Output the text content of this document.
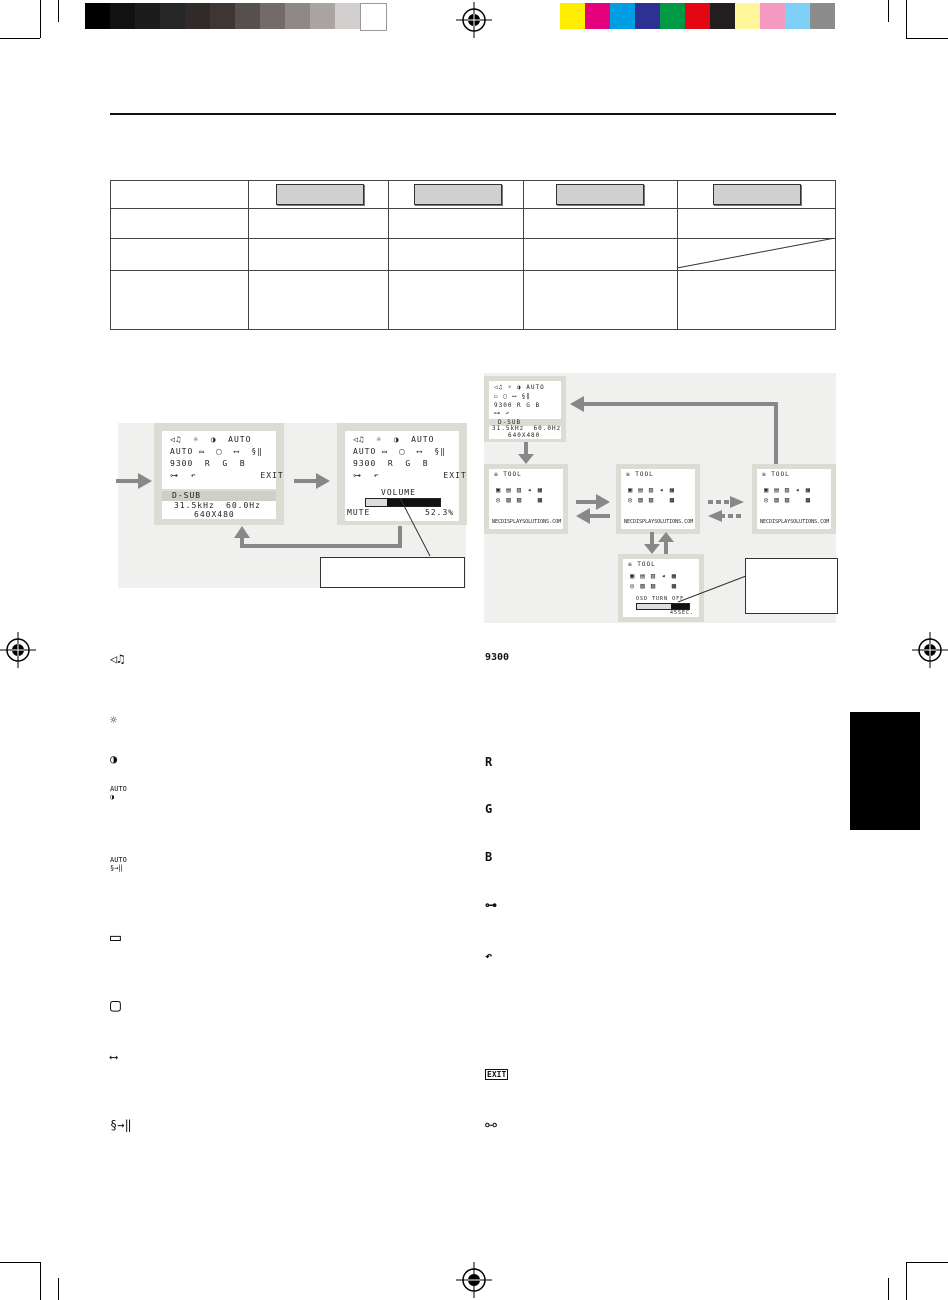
◁♫  ☼  ◑  AUTO
AUTO ▭  ▢  ⟷  §‖
9300  R  G  B
⊶  ↶           EXIT
D-SUB
31.5kHz 60.0Hz
640X480
◁♫  ☼  ◑  AUTO
AUTO ▭  ▢  ⟷  §‖
9300  R  G  B
⊶  ↶           EXIT
VOLUME
MUTE	52.3%
◁♫ ☼ ◑ AUTO
▭ ▢ ⟷ §‖
9300 R G B
⊶ ↶
D-SUB
31.5kHz  60.0Hz
640X480
≡ TOOL
▣ ▤ ▥ ◂ ▦
◎ ▧ ▨   ▩
NECDISPLAYSOLUTIONS.COM
≡ TOOL
▣ ▤ ▥ ◂ ▦
◎ ▧ ▨   ▩
NECDISPLAYSOLUTIONS.COM
≡ TOOL
▣ ▤ ▥ ◂ ▦
◎ ▧ ▨   ▩
NECDISPLAYSOLUTIONS.COM
≡ TOOL
▣ ▤ ▥ ◂ ▦
◎ ▧ ▨   ▩
OSD TURN OFF
45SEC.
◁♫
☼
◑
AUTO
◑
AUTO
§→‖
▭
▢
⟷
§→‖
9300
R
G
B
⊶
↶
EXIT
⧟
